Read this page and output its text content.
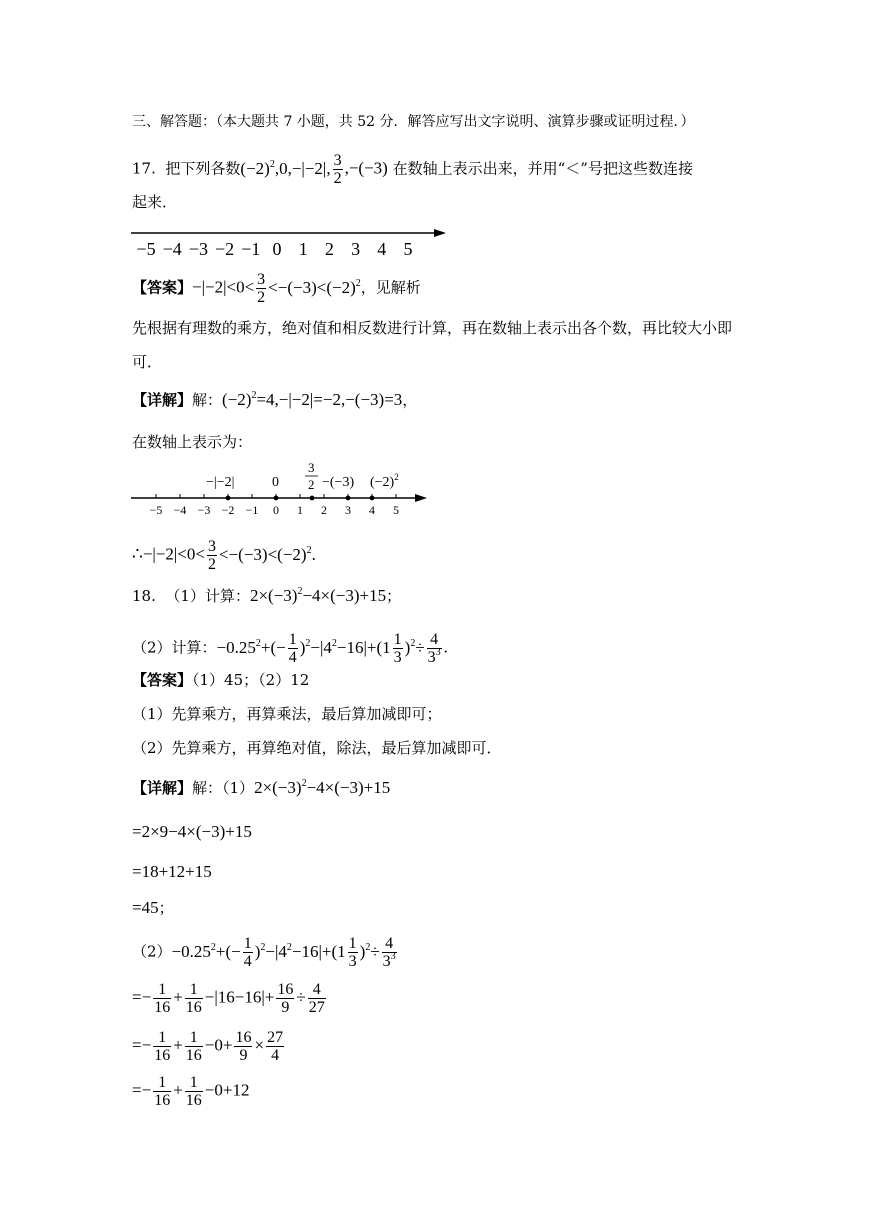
三、解答题：（本大题共 7 小题，共 52 分．解答应写出文字说明、演算步骤或证明过程．）
17. 把下列各数$(-2)^2,0,-|-2|$, $\frac{3}{2} ,-(-3)$ 在数轴上表示出来，并用“＜”号把这些数连接
起来．
−5 −4 −3 −2 −1 0 1 2 3 4 5
【答案】$-|-2|<0< \frac{3}{2} <-(-3)<(-2)^2$，见解析
先根据有理数的乘方，绝对值和相反数进行计算，再在数轴上表示出各个数，再比较大小即
可．
【详解】解：$(-2)^2=4,-|-2|=-2,-(-3)=3$，
在数轴上表示为：
−|−2|	0
3
2 −(−3) $(-2)^2$
−5 −4 −3 −2 −1 0 1 2 3 4 5
∴−|−2|<0< $\frac{3}{2} <-(-3)<(-2)^2$.
18. （1）计算：$2\times(-3)^2-4\times(-3)+15$；
（2）计算：$-0.25^2+(- \frac{1}{4} )^2-|4^2-16|+(1 \frac{1}{3} )^2\div \frac{4}{3^3}$ .
【答案】（1）45；（2）12
（1）先算乘方，再算乘法，最后算加减即可；
（2）先算乘方，再算绝对值，除法，最后算加减即可．
【详解】解：$(1)2\times(-3)^2-4\times(-3)+15$
=2×9−4×(−3)+15
=18+12+15
=45；
$(2)-0.25^2+(- \frac{1}{4} )^2-|4^2-16|+(1 \frac{1}{3} )^2\div \frac{4}{3^3}$
=− $\frac{1}{16} + \frac{1}{16} -|16-16|+ \frac{16}{9} \div \frac{4}{27}$
=− $\frac{1}{16} + \frac{1}{16} -0+ \frac{16}{9} \times \frac{27}{4}$
=− $\frac{1}{16} + \frac{1}{16} -0+12$
